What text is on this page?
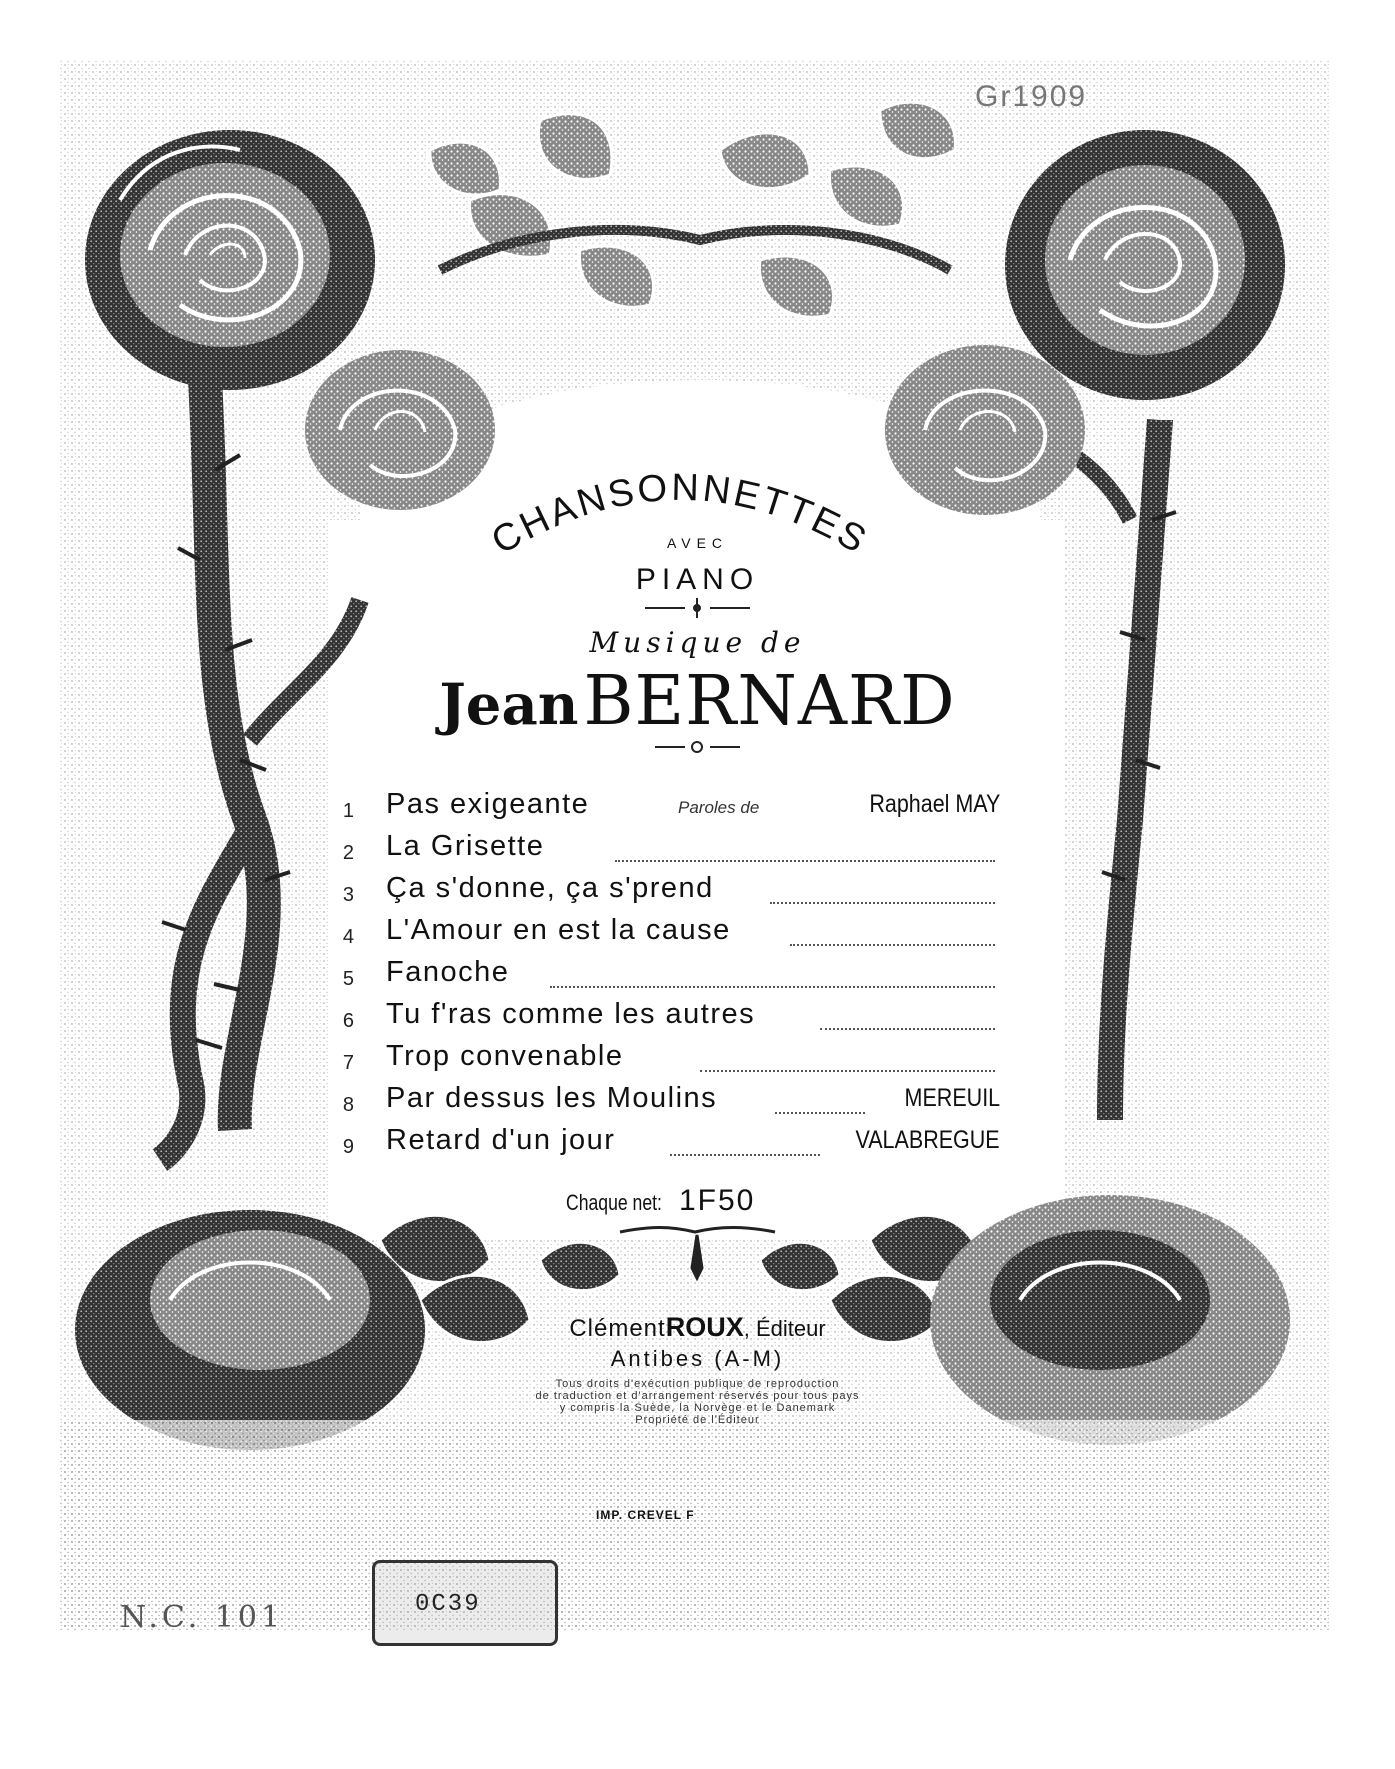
Gr1909
CHANSONNETTES
AVEC
PIANO
Musique de
Jean BERNARD
1 Pas exigeante	Paroles de	Raphael MAY
2 La Grisette
3 Ça s'donne, ça s'prend
4 L'Amour en est la cause
5 Fanoche
6 Tu f'ras comme les autres
7 Trop convenable
8 Par dessus les Moulins	MEREUIL
9 Retard d'un jour	VALABREGUE
Chaque net: 1F50
ClémentROUX, Éditeur
Antibes (A-M)
Tous droits d'exécution publique de reproduction
de traduction et d'arrangement réservés pour tous pays
y compris la Suède, la Norvège et le Danemark
Propriété de l'Éditeur
IMP. CREVEL F
0C39
N.C. 101
